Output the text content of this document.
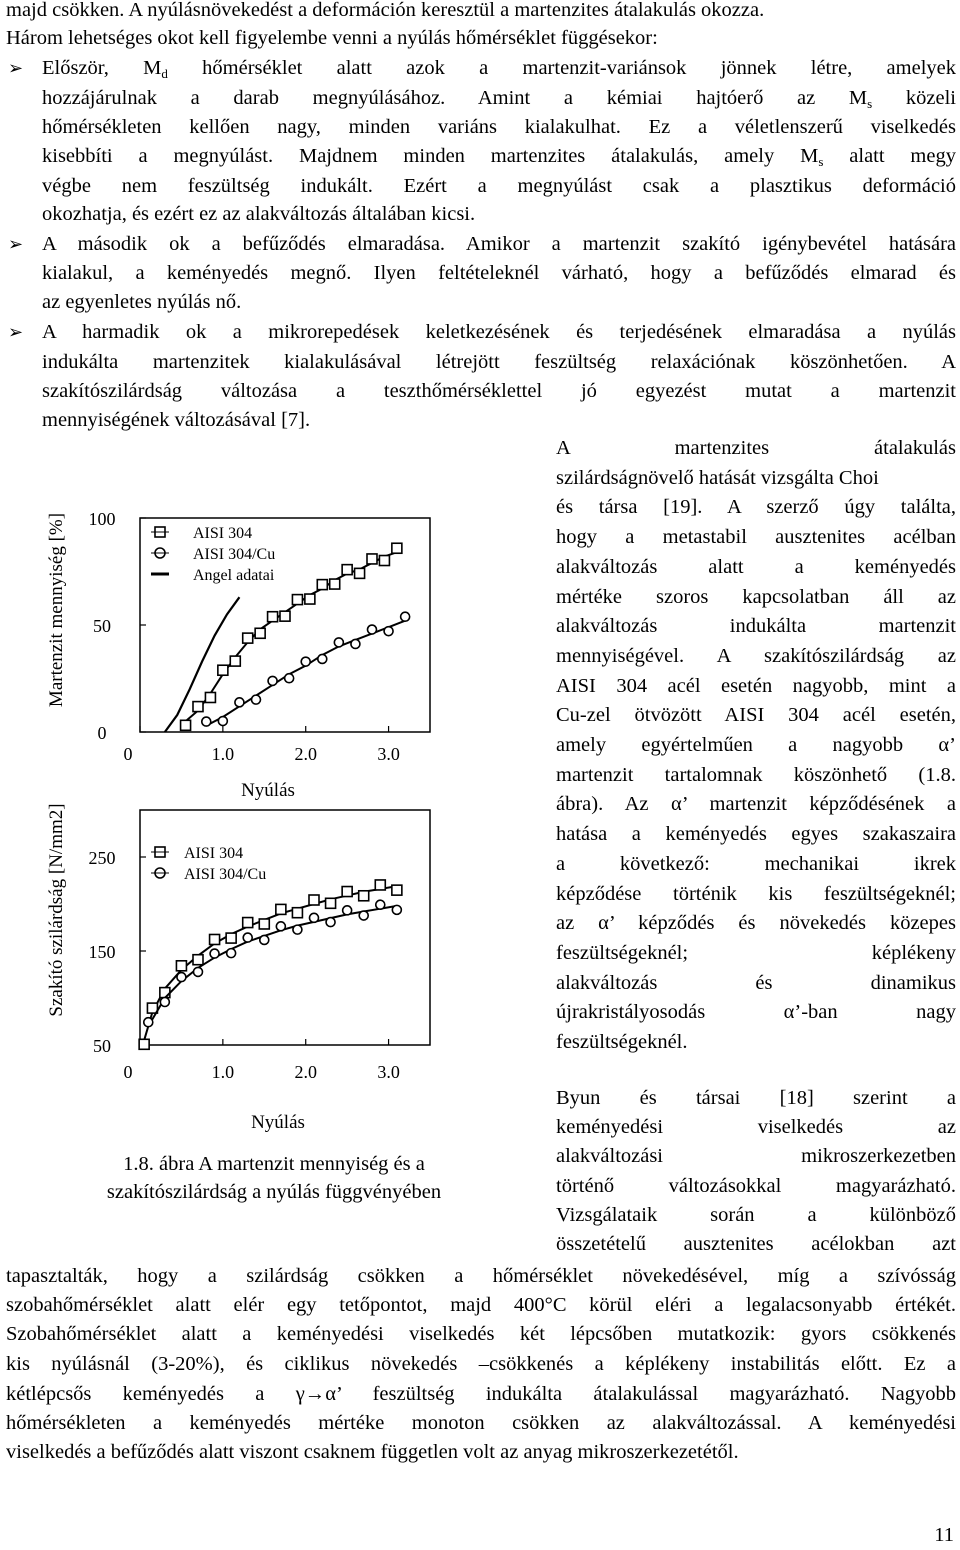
majd csökken. A nyúlásnövekedést a deformáción keresztül a martenzites átalakulás okozza.
Három lehetséges okot kell figyelembe venni a nyúlás hőmérséklet függésekor:
➢ Először, $M_d$ hőmérséklet alatt azok a martenzit-variánsok jönnek létre, amelyek
hozzájárulnak a darab megnyúlásához. Amint a kémiai hajtóerő az $M_s$ közeli
hőmérsékleten kellően nagy, minden variáns kialakulhat. Ez a véletlenszerű viselkedés
kisebbíti a megnyúlást. Majdnem minden martenzites átalakulás, amely $M_s$ alatt megy
végbe nem feszültség indukált. Ezért a megnyúlást csak a plasztikus deformáció
okozhatja, és ezért ez az alakváltozás általában kicsi.
➢ A második ok a befűződés elmaradása. Amikor a martenzit szakító igénybevétel hatására
kialakul, a keményedés megnő. Ilyen feltételeknél várható, hogy a befűződés elmarad és
az egyenletes nyúlás nő.
➢ A harmadik ok a mikrorepedések keletkezésének és terjedésének elmaradása a nyúlás
indukálta martenzitek kialakulásával létrejött feszültség relaxációnak köszönhetően. A
szakítószilárdság változása a teszthőmérséklettel jó egyezést mutat a martenzit
mennyiségének változásával [7].
A martenzites átalakulás
szilárdságnövelő hatását vizsgálta Choi
és társa [19]. A szerző úgy találta,
hogy a metastabil ausztenites acélban
alakváltozás alatt a keményedés
mértéke szoros kapcsolatban áll az
alakváltozás indukálta martenzit
mennyiségével. A szakítószilárdság az
AISI 304 acél esetén nagyobb, mint a
Cu-zel ötvözött AISI 304 acél esetén,
amely egyértelműen a nagyobb α’
martenzit tartalomnak köszönhető (1.8.
ábra). Az α’ martenzit képződésének a
hatása a keményedés egyes szakaszaira
a következő: mechanikai ikrek
képződése történik kis feszültségeknél;
az α’ képződés és növekedés közepes
feszültségeknél; képlékeny
alakváltozás és dinamikus
újrakristályosodás α’-ban nagy
feszültségeknél.
Byun és társai [18] szerint a
keményedési viselkedés az
alakváltozási mikroszerkezetben
történő változásokkal magyarázható.
Vizsgálataik során a különböző
összetételű ausztenites acélokban azt
Martenzit mennyiség [%]
0
50
100
0	1.0	2.0	3.0
Nyúlás
AISI 304
AISI 304/Cu
Angel adatai
Szakító szilárdság [N/mm2]
50
150
250
0	1.0	2.0	3.0
Nyúlás
AISI 304
AISI 304/Cu
1.8. ábra A martenzit mennyiség és a
szakítószilárdság a nyúlás függvényében
tapasztalták, hogy a szilárdság csökken a hőmérséklet növekedésével, míg a szívósság
szobahőmérséklet alatt elér egy tetőpontot, majd 400°C körül eléri a legalacsonyabb értékét.
Szobahőmérséklet alatt a keményedési viselkedés két lépcsőben mutatkozik: gyors csökkenés
kis nyúlásnál (3-20%), és ciklikus növekedés –csökkenés a képlékeny instabilitás előtt. Ez a
kétlépcsős keményedés a γ→α’ feszültség indukálta átalakulással magyarázható. Nagyobb
hőmérsékleten a keményedés mértéke monoton csökken az alakváltozással. A keményedési
viselkedés a befűződés alatt viszont csaknem független volt az anyag mikroszerkezetétől.
11
